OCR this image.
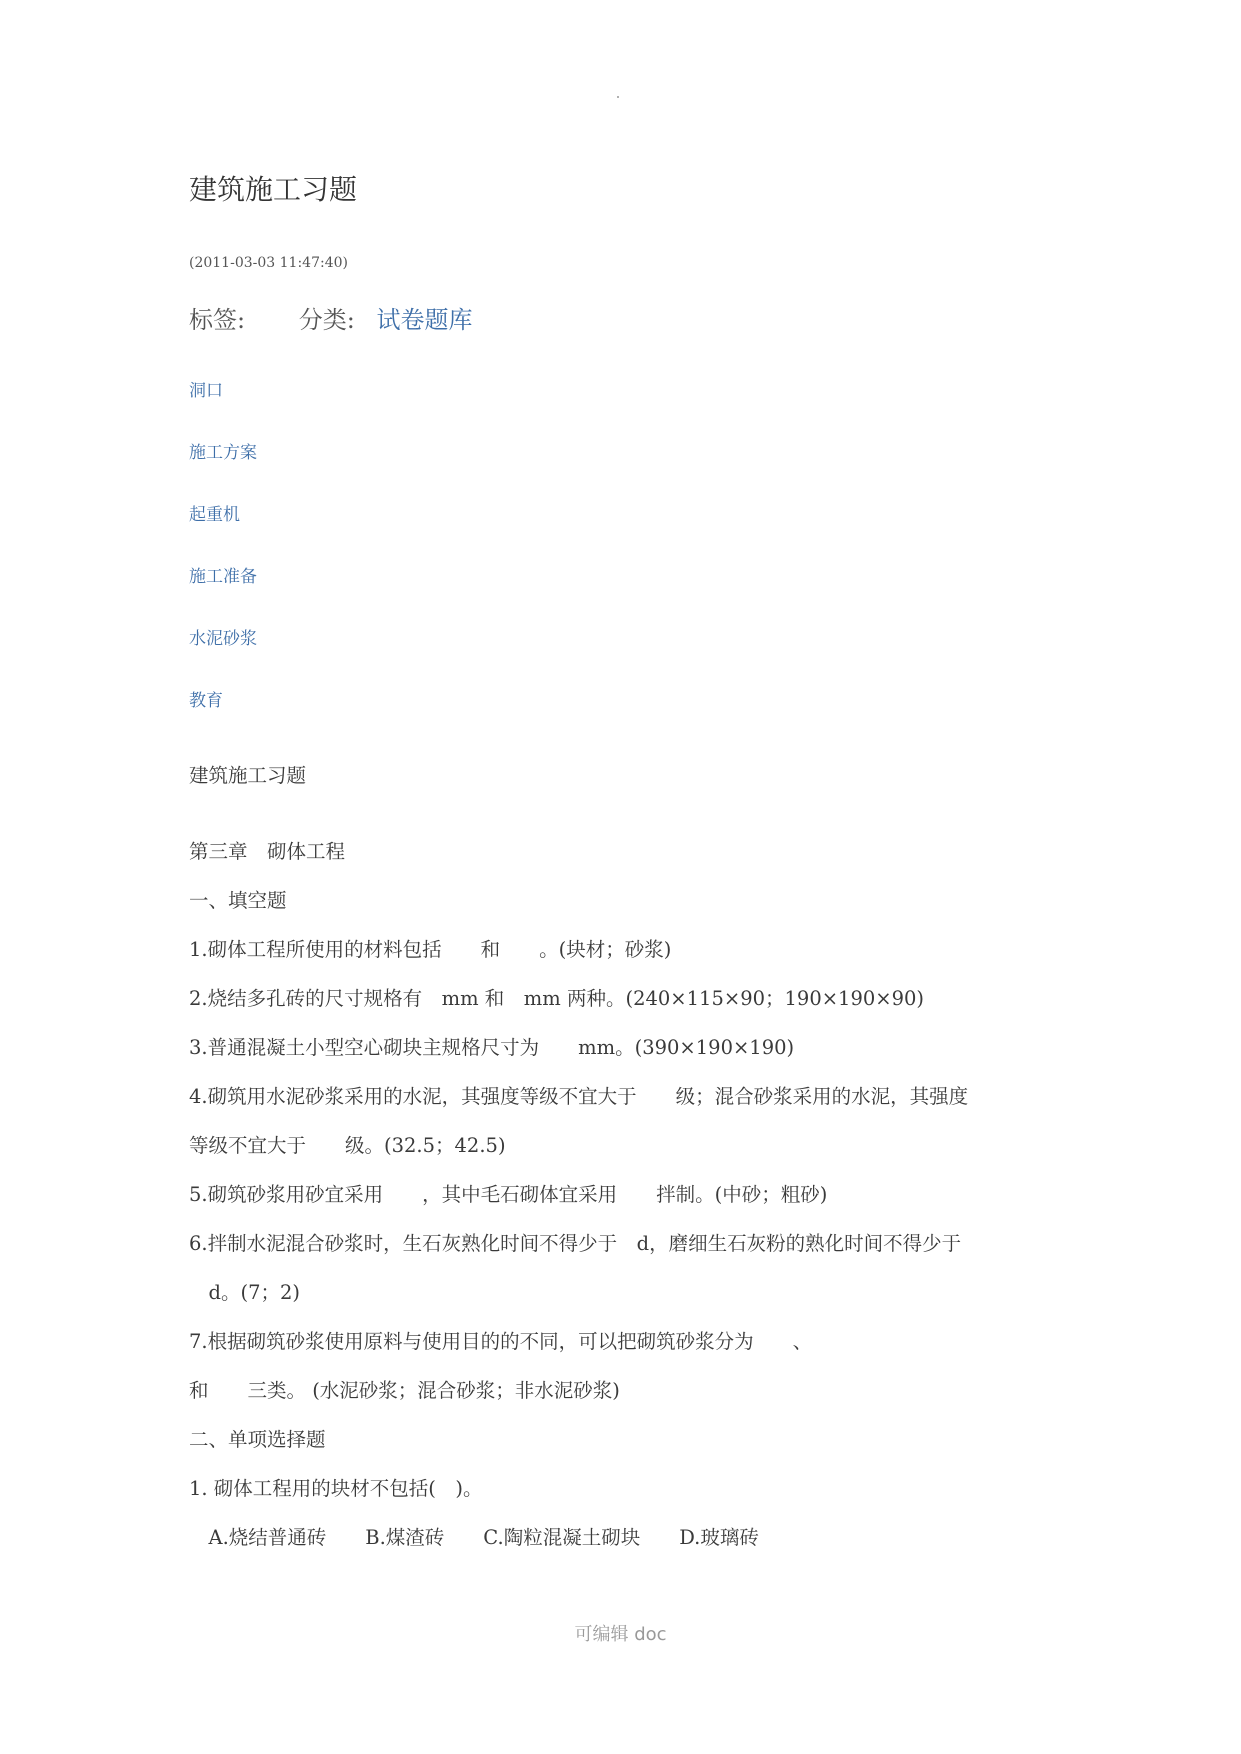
建筑施工习题
(2011-03-03 11:47:40)
标签: 分类: 试卷题库
洞口
施工方案
起重机
施工准备
水泥砂浆
教育
建筑施工习题
第三章　砌体工程
一、填空题
1.砌体工程所使用的材料包括　　和　　。(块材；砂浆)
2.烧结多孔砖的尺寸规格有　mm 和　mm 两种。(240×115×90；190×190×90)
3.普通混凝土小型空心砌块主规格尺寸为　　mm。(390×190×190)
4.砌筑用水泥砂浆采用的水泥，其强度等级不宜大于　　级；混合砂浆采用的水泥，其强度
等级不宜大于　　级。(32.5；42.5)
5.砌筑砂浆用砂宜采用　　，其中毛石砌体宜采用　　拌制。(中砂；粗砂)
6.拌制水泥混合砂浆时，生石灰熟化时间不得少于　d，磨细生石灰粉的熟化时间不得少于
　d。(7；2)
7.根据砌筑砂浆使用原料与使用目的的不同，可以把砌筑砂浆分为　　、
和　　三类。 (水泥砂浆；混合砂浆；非水泥砂浆)
二、单项选择题
1. 砌体工程用的块材不包括(　)。
　A.烧结普通砖　　B.煤渣砖　　C.陶粒混凝土砌块　　D.玻璃砖
可编辑 doc
